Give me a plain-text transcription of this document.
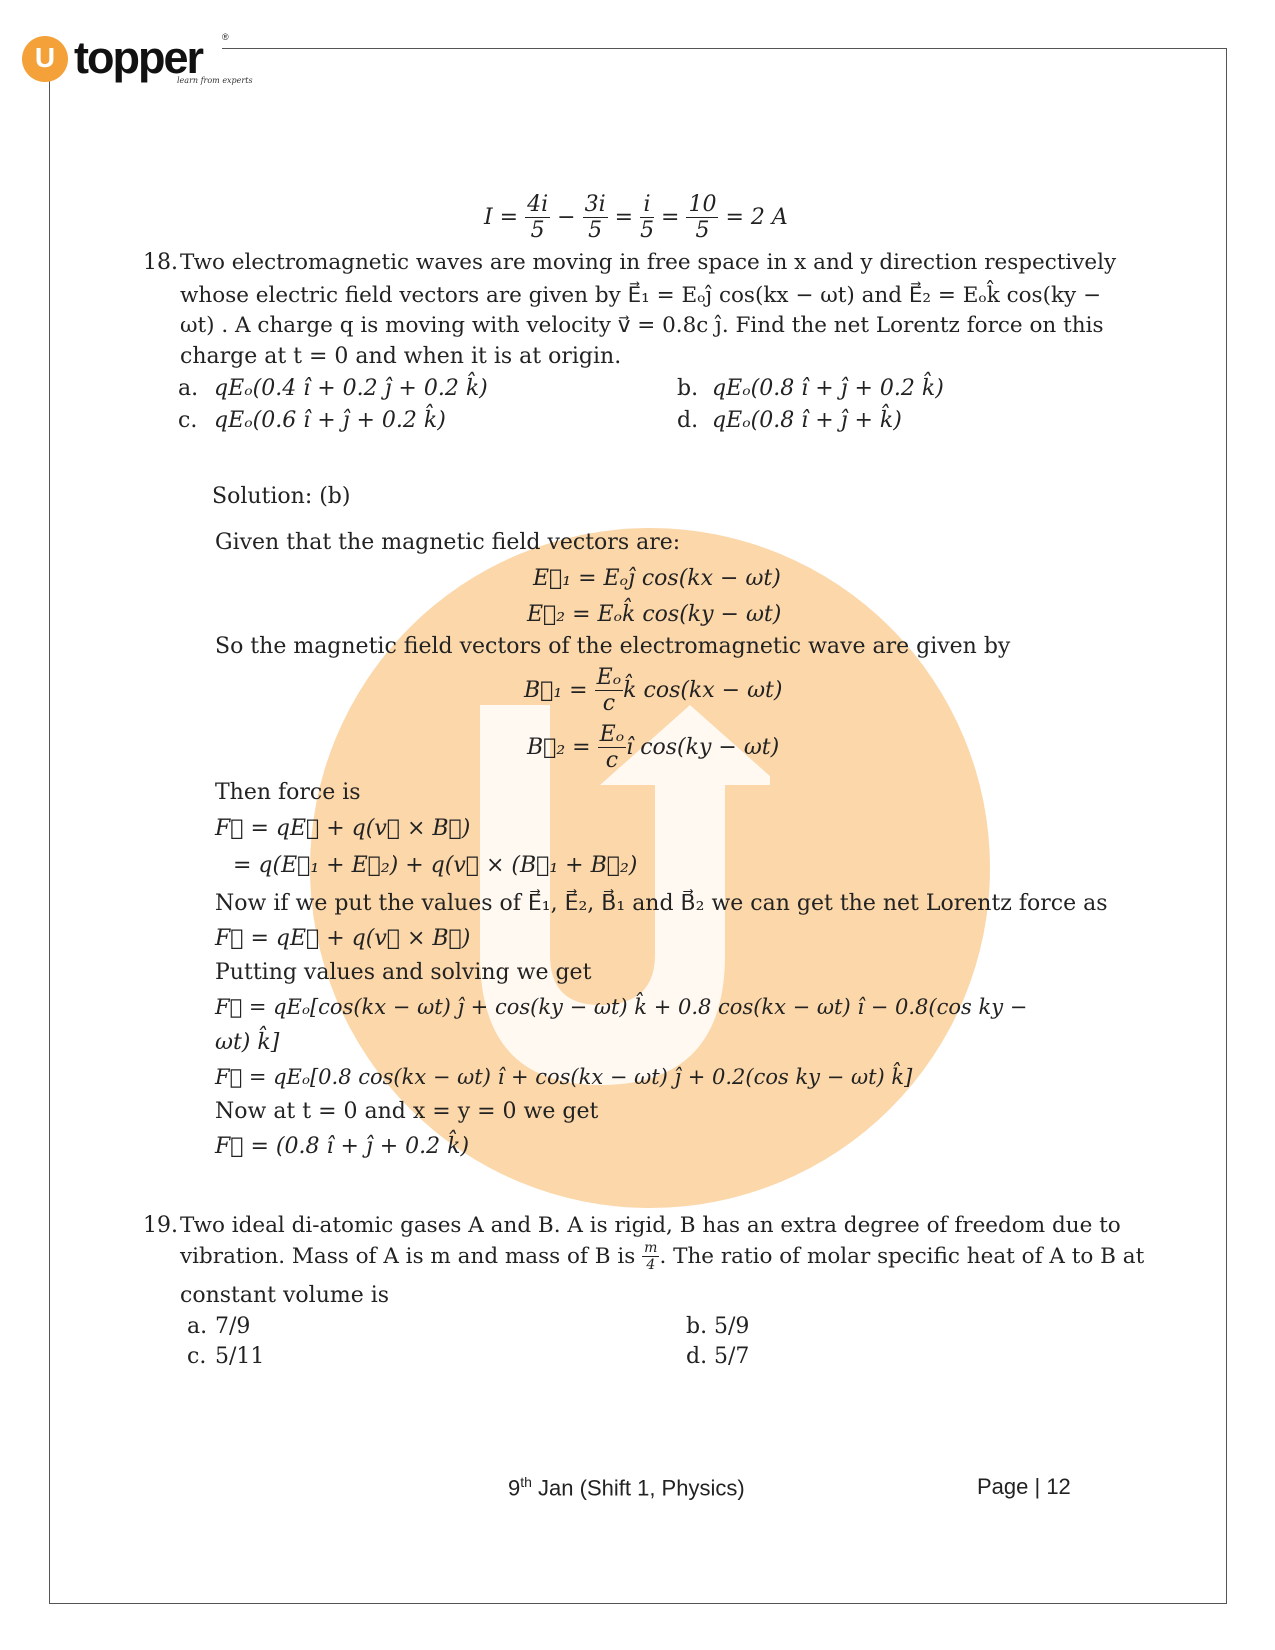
U topper
learn from experts
®
$I = \frac{4i}{5} - \frac{3i}{5} = \frac{i}{5} = \frac{10}{5} = 2$ A
18. Two electromagnetic waves are moving in free space in x and y direction respectively
whose electric field vectors are given by E⃗₁ = Eₒĵ cos(kx − ωt) and E⃗₂ = Eₒk̂ cos(ky −
ωt) . A charge q is moving with velocity v⃗ = 0.8c ĵ. Find the net Lorentz force on this
charge at t = 0 and when it is at origin.
a. qEₒ(0.4 î + 0.2 ĵ + 0.2 k̂)	b. qEₒ(0.8 î + ĵ + 0.2 k̂)
c. qEₒ(0.6 î + ĵ + 0.2 k̂)	d. qEₒ(0.8 î + ĵ + k̂)
Solution: (b)
Given that the magnetic field vectors are:
E⃗₁ = Eₒĵ cos(kx − ωt)
E⃗₂ = Eₒk̂ cos(ky − ωt)
So the magnetic field vectors of the electromagnetic wave are given by
B⃗₁ = $\frac{\text{Eₒ}}{c}$ k̂ cos(kx − ωt)
B⃗₂ = $\frac{\text{Eₒ}}{c}$ î cos(ky − ωt)
Then force is
F⃗ = qE⃗ + q(v⃗ × B⃗)
= q(E⃗₁ + E⃗₂) + q(v⃗ × (B⃗₁ + B⃗₂)
Now if we put the values of E⃗₁, E⃗₂, B⃗₁ and B⃗₂ we can get the net Lorentz force as
F⃗ = qE⃗ + q(v⃗ × B⃗)
Putting values and solving we get
F⃗ = qEₒ[cos(kx − ωt) ĵ + cos(ky − ωt) k̂ + 0.8 cos(kx − ωt) î − 0.8(cos ky −
ωt) k̂]
F⃗ = qEₒ[0.8 cos(kx − ωt) î + cos(kx − ωt) ĵ + 0.2(cos ky − ωt) k̂]
Now at t = 0 and x = y = 0 we get
F⃗ = (0.8 î + ĵ + 0.2 k̂)
19. Two ideal di-atomic gases A and B. A is rigid, B has an extra degree of freedom due to
vibration. Mass of A is m and mass of B is $\frac{m}{4}$ . The ratio of molar specific heat of A to B at
constant volume is
a. 7/9	b. 5/9
c. 5/11	d. 5/7
9th Jan (Shift 1, Physics)	Page | 12
